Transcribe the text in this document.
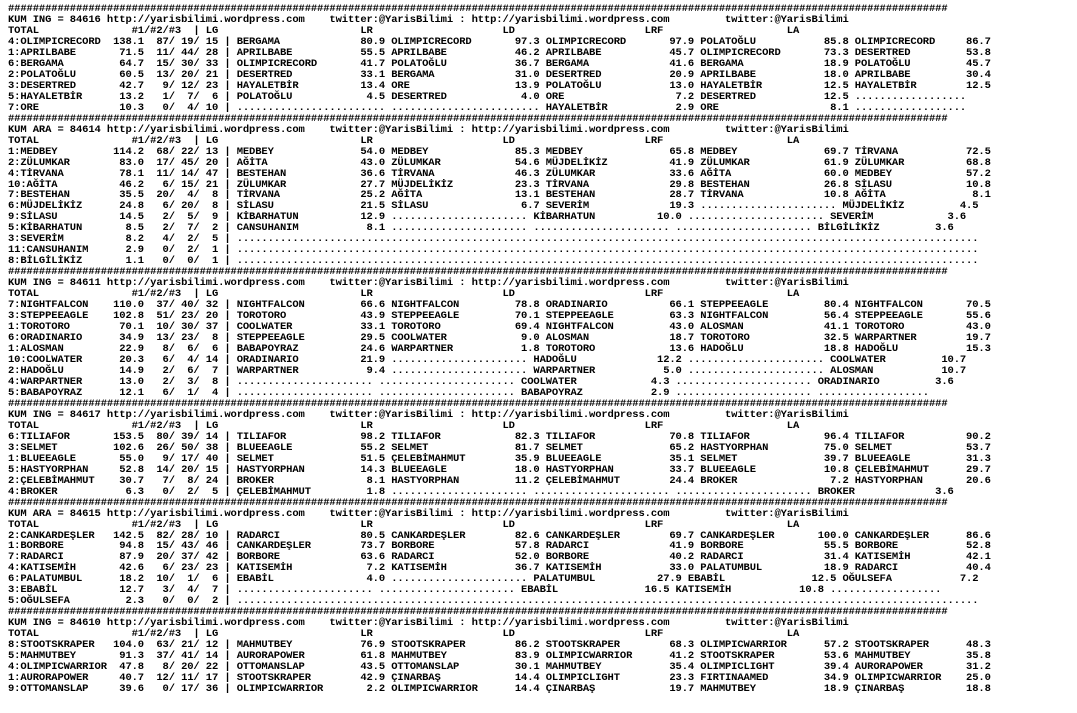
########################################################################################################################################################
KUM ING = 84616 http://yarisbilimi.wordpress.com    twitter:@YarisBilimi : http://yarisbilimi.wordpress.com         twitter:@YarisBilimi
TOTAL               #1/#2/#3  | LG                       LR                     LD                     LRF                    LA
4:OLIMPICRECORD  138.1  87/ 19/ 15 | BERGAMA             80.9 OLIMPICRECORD       97.3 OLIMPICRECORD       97.9 POLATOĞLU           85.8 OLIMPICRECORD     86.7
1:APRILBABE       71.5  11/ 44/ 28 | APRILBABE           55.5 APRILBABE           46.2 APRILBABE           45.7 OLIMPICRECORD       73.3 DESERTRED         53.8
6:BERGAMA         64.7  15/ 30/ 33 | OLIMPICRECORD       41.7 POLATOĞLU           36.7 BERGAMA             41.6 BERGAMA             18.9 POLATOĞLU         45.7
2:POLATOĞLU       60.5  13/ 20/ 21 | DESERTRED           33.1 BERGAMA             31.0 DESERTRED           20.9 APRILBABE           18.0 APRILBABE         30.4
3:DESERTRED       42.7   9/ 12/ 23 | HAYALETBİR          13.4 ORE                 13.9 POLATOĞLU           13.0 HAYALETBİR          12.5 HAYALETBİR        12.5
5:HAYALETBİR      13.2   1/  7/  6 | POLATOĞLU            4.5 DESERTRED            4.0 ORE                  7.2 DESERTRED           12.5 ..................
7:ORE             10.3   0/  4/ 10 | ........................ ........................ HAYALETBİR           2.9 ORE                  8.1 ..................
########################################################################################################################################################
KUM ARA = 84614 http://yarisbilimi.wordpress.com    twitter:@YarisBilimi : http://yarisbilimi.wordpress.com         twitter:@YarisBilimi
TOTAL               #1/#2/#3  | LG                       LR                     LD                     LRF                    LA
1:MEDBEY         114.2  68/ 22/ 13 | MEDBEY              54.0 MEDBEY              85.3 MEDBEY              65.8 MEDBEY              69.7 TİRVANA           72.5
2:ZÜLUMKAR        83.0  17/ 45/ 20 | AĞİTA               43.0 ZÜLUMKAR            54.6 MÜJDELİKİZ          41.9 ZÜLUMKAR            61.9 ZÜLUMKAR          68.8
4:TİRVANA         78.1  11/ 14/ 47 | BESTEHAN            36.6 TİRVANA             46.3 ZÜLUMKAR            33.6 AĞİTA               60.0 MEDBEY            57.2
10:AĞİTA          46.2   6/ 15/ 21 | ZÜLUMKAR            27.7 MÜJDELİKİZ          23.3 TİRVANA             29.8 BESTEHAN            26.8 SİLASU            10.8
7:BESTEHAN        35.5  20/  4/  8 | TİRVANA             25.2 AĞİTA               13.1 BESTEHAN            28.7 TİRVANA             10.8 AĞİTA              8.1
6:MÜJDELİKİZ      24.8   6/ 20/  8 | SİLASU              21.5 SİLASU               6.7 SEVERİM             19.3 ...................... MÜJDELİKİZ         4.5
9:SİLASU          14.5   2/  5/  9 | KİBARHATUN          12.9 ...................... KİBARHATUN          10.0 ...................... SEVERİM            3.6
5:KİBARHATUN       8.5   2/  7/  2 | CANSUHANIM           8.1 ...................... ...................... ...................... BİLGİLİKİZ         3.6
3:SEVERİM          8.2   4/  2/  5 | ........................................................................................................................
11:CANSUHANIM      2.9   0/  2/  1 | ........................................................................................................................
8:BİLGİLİKİZ       1.1   0/  0/  1 | ........................................................................................................................
########################################################################################################################################################
KUM ING = 84611 http://yarisbilimi.wordpress.com    twitter:@YarisBilimi : http://yarisbilimi.wordpress.com         twitter:@YarisBilimi
TOTAL               #1/#2/#3  | LG                       LR                     LD                     LRF                    LA
7:NIGHTFALCON    110.0  37/ 40/ 32 | NIGHTFALCON         66.6 NIGHTFALCON         78.8 ORADINARIO          66.1 STEPPEEAGLE         80.4 NIGHTFALCON       70.5
3:STEPPEEAGLE    102.8  51/ 23/ 20 | TOROTORO            43.9 STEPPEEAGLE         70.1 STEPPEEAGLE         63.3 NIGHTFALCON         56.4 STEPPEEAGLE       55.6
1:TOROTORO        70.1  10/ 30/ 37 | COOLWATER           33.1 TOROTORO            69.4 NIGHTFALCON         43.0 ALOSMAN             41.1 TOROTORO          43.0
6:ORADINARIO      34.9  13/ 23/  8 | STEPPEEAGLE         29.5 COOLWATER            9.0 ALOSMAN             18.7 TOROTORO            32.5 WARPARTNER        19.7
1:ALOSMAN         22.9   8/  6/  6 | BABAPOYRAZ          24.6 WARPARTNER           1.8 TOROTORO            13.6 HADOĞLU             18.8 HADOĞLU           15.3
10:COOLWATER      20.3   6/  4/ 14 | ORADINARIO          21.9 ...................... HADOĞLU             12.2 ...................... COOLWATER         10.7
2:HADOĞLU         14.9   2/  6/  7 | WARPARTNER           9.4 ...................... WARPARTNER           5.0 ...................... ALOSMAN           10.7
4:WARPARTNER      13.0   2/  3/  8 | ...................... ...................... COOLWATER            4.3 ...................... ORADINARIO         3.6
5:BABAPOYRAZ      12.1   6/  1/  4 | ...................... ...................... BABAPOYRAZ           2.9 ...................... ..................
########################################################################################################################################################
KUM ING = 84617 http://yarisbilimi.wordpress.com    twitter:@YarisBilimi : http://yarisbilimi.wordpress.com         twitter:@YarisBilimi
TOTAL               #1/#2/#3  | LG                       LR                     LD                     LRF                    LA
6:TILIAFOR       153.5  80/ 39/ 14 | TILIAFOR            98.2 TILIAFOR            82.3 TILIAFOR            70.8 TILIAFOR            96.4 TILIAFOR          90.2
3:SELMET         102.6  26/ 50/ 38 | BLUEEAGLE           55.2 SELMET              81.7 SELMET              65.2 HASTYORPHAN         75.0 SELMET            53.7
1:BLUEEAGLE       55.0   9/ 17/ 40 | SELMET              51.5 ÇELEBİMAHMUT        35.9 BLUEEAGLE           35.1 SELMET              39.7 BLUEEAGLE         31.3
5:HASTYORPHAN     52.8  14/ 20/ 15 | HASTYORPHAN         14.3 BLUEEAGLE           18.0 HASTYORPHAN         33.7 BLUEEAGLE           10.8 ÇELEBİMAHMUT      29.7
2:ÇELEBİMAHMUT    30.7   7/  8/ 24 | BROKER               8.1 HASTYORPHAN         11.2 ÇELEBİMAHMUT        24.4 BROKER               7.2 HASTYORPHAN       20.6
4:BROKER           6.3   0/  2/  5 | ÇELEBİMAHMUT         1.8 ...................... ...................... ...................... BROKER             3.6
########################################################################################################################################################
KUM ARA = 84615 http://yarisbilimi.wordpress.com    twitter:@YarisBilimi : http://yarisbilimi.wordpress.com         twitter:@YarisBilimi
TOTAL               #1/#2/#3  | LG                       LR                     LD                     LRF                    LA
2:CANKARDEŞLER   142.5  82/ 28/ 10 | RADARCI             80.5 CANKARDEŞLER        82.6 CANKARDEŞLER        69.7 CANKARDEŞLER       100.0 CANKARDEŞLER      86.6
1:BORBORE         94.8  15/ 43/ 46 | CANKARDEŞLER        73.7 BORBORE             57.8 RADARCI             41.9 BORBORE             55.5 BORBORE           52.8
7:RADARCI         87.9  20/ 37/ 42 | BORBORE             63.6 RADARCI             52.0 BORBORE             40.2 RADARCI             31.4 KATISEMİH         42.1
4:KATISEMİH       42.6   6/ 23/ 23 | KATISEMİH            7.2 KATISEMİH           36.7 KATISEMİH           33.0 PALATUMBUL          18.9 RADARCI           40.4
6:PALATUMBUL      18.2  10/  1/  6 | EBABİL               4.0 ...................... PALATUMBUL          27.9 EBABİL              12.5 OĞULSEFA           7.2
3:EBABİL          12.7   3/  4/  7 | ...................... ...................... EBABİL              16.5 KATISEMİH           10.8 ..................
5:OĞULSEFA         2.3   0/  0/  2 | ........................................................................................................................
########################################################################################################################################################
KUM ING = 84610 http://yarisbilimi.wordpress.com    twitter:@YarisBilimi : http://yarisbilimi.wordpress.com         twitter:@YarisBilimi
TOTAL               #1/#2/#3  | LG                       LR                     LD                     LRF                    LA
8:STOOTSKRAPER   104.0  63/ 21/ 12 | MAHMUTBEY           76.9 STOOTSKRAPER        86.2 STOOTSKRAPER        68.3 OLIMPICWARRIOR      57.2 STOOTSKRAPER      48.3
5:MAHMUTBEY       91.3  37/ 41/ 14 | AURORAPOWER         61.8 MAHMUTBEY           83.9 OLIMPICWARRIOR      41.2 STOOTSKRAPER        53.6 MAHMUTBEY         35.8
4:OLIMPICWARRIOR  47.8   8/ 20/ 22 | OTTOMANSLAP         43.5 OTTOMANSLAP         30.1 MAHMUTBEY           35.4 OLIMPICLIGHT        39.4 AURORAPOWER       31.2
1:AURORAPOWER     40.7  12/ 11/ 17 | STOOTSKRAPER        42.9 ÇINARBAŞ            14.4 OLIMPICLIGHT        23.3 FIRTINAAMED         34.9 OLIMPICWARRIOR    25.0
9:OTTOMANSLAP     39.6   0/ 17/ 36 | OLIMPICWARRIOR       2.2 OLIMPICWARRIOR      14.4 ÇINARBAŞ            19.7 MAHMUTBEY           18.9 ÇINARBAŞ          18.8
